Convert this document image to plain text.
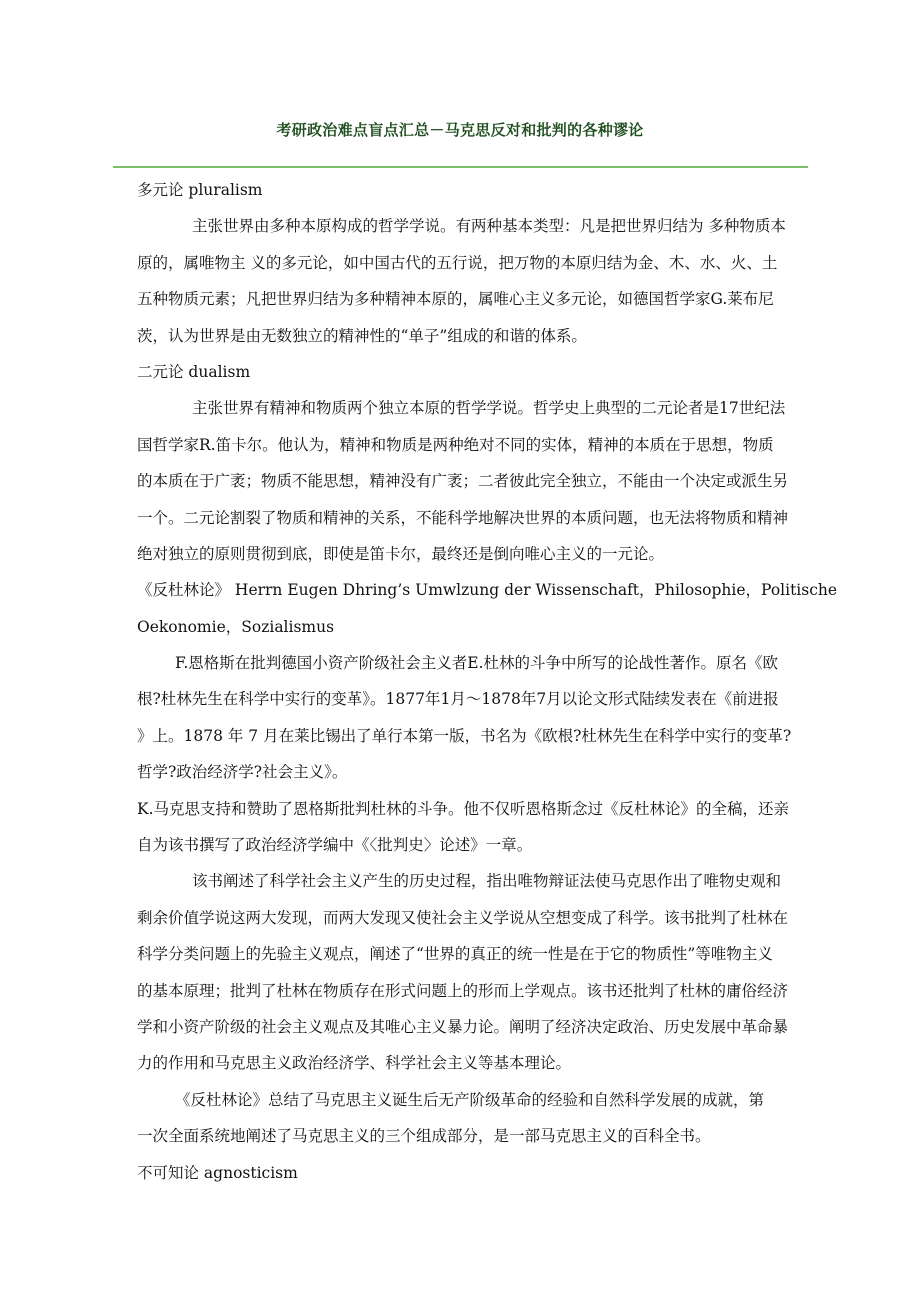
考研政治难点盲点汇总－马克思反对和批判的各种谬论
多元论 pluralism
主张世界由多种本原构成的哲学学说。有两种基本类型：凡是把世界归结为 多种物质本
原的，属唯物主 义的多元论，如中国古代的五行说，把万物的本原归结为金、木、水、火、土
五种物质元素；凡把世界归结为多种精神本原的，属唯心主义多元论，如德国哲学家G.莱布尼
茨，认为世界是由无数独立的精神性的“单子”组成的和谐的体系。
二元论 dualism
主张世界有精神和物质两个独立本原的哲学学说。哲学史上典型的二元论者是17世纪法
国哲学家R.笛卡尔。他认为，精神和物质是两种绝对不同的实体，精神的本质在于思想，物质
的本质在于广袤；物质不能思想，精神没有广袤；二者彼此完全独立，不能由一个决定或派生另
一个。二元论割裂了物质和精神的关系，不能科学地解决世界的本质问题，也无法将物质和精神
绝对独立的原则贯彻到底，即使是笛卡尔，最终还是倒向唯心主义的一元论。
《反杜林论》 Herrn Eugen Dhring’s Umwlzung der Wissenschaft，Philosophie，Politische
Oekonomie，Sozialismus
F.恩格斯在批判德国小资产阶级社会主义者E.杜林的斗争中所写的论战性著作。原名《欧
根?杜林先生在科学中实行的变革》。1877年1月～1878年7月以论文形式陆续发表在《前进报
》上。1878 年 7 月在莱比锡出了单行本第一版，书名为《欧根?杜林先生在科学中实行的变革?
哲学?政治经济学?社会主义》。
K.马克思支持和赞助了恩格斯批判杜林的斗争。他不仅听恩格斯念过《反杜林论》的全稿，还亲
自为该书撰写了政治经济学编中《〈批判史〉论述》一章。
该书阐述了科学社会主义产生的历史过程，指出唯物辩证法使马克思作出了唯物史观和
剩余价值学说这两大发现，而两大发现又使社会主义学说从空想变成了科学。该书批判了杜林在
科学分类问题上的先验主义观点，阐述了“世界的真正的统一性是在于它的物质性”等唯物主义
的基本原理；批判了杜林在物质存在形式问题上的形而上学观点。该书还批判了杜林的庸俗经济
学和小资产阶级的社会主义观点及其唯心主义暴力论。阐明了经济决定政治、历史发展中革命暴
力的作用和马克思主义政治经济学、科学社会主义等基本理论。
《反杜林论》总结了马克思主义诞生后无产阶级革命的经验和自然科学发展的成就，第
一次全面系统地阐述了马克思主义的三个组成部分，是一部马克思主义的百科全书。
不可知论 agnosticism
